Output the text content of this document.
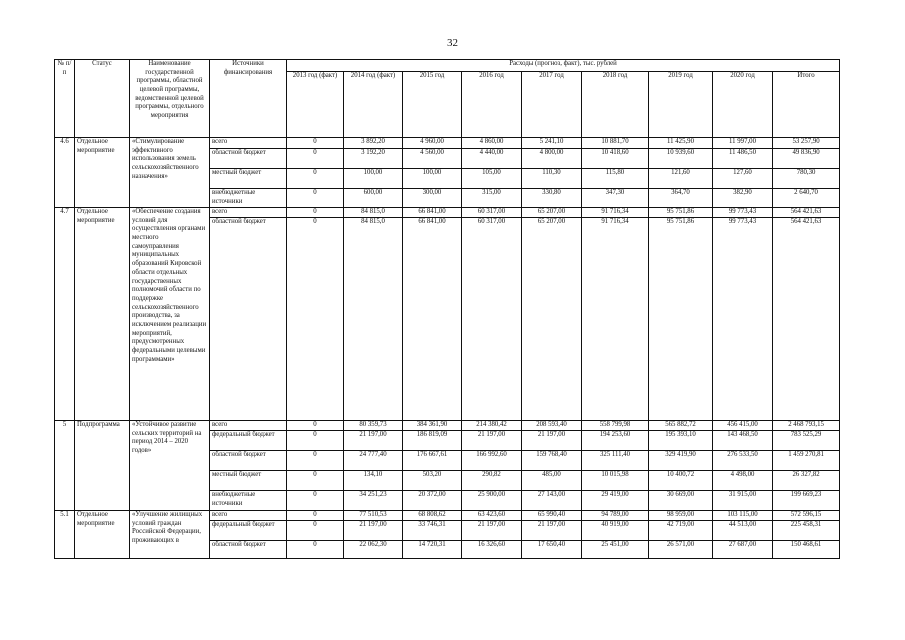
32
№ п/п	Статус	Наименование государственной программы, областной целевой программы, ведомственной целевой программы, отдельного мероприятия	Источники финансирования	Расходы (прогноз, факт), тыс. рублей								
				2013 год (факт)	2014 год (факт)	2015 год	2016 год	2017 год	2018 год	2019 год	2020 год	Итого
4.6	Отдельное мероприятие	«Стимулирование эффективного использования земель сельскохозяйственного назначения»	всего	0	3 892,20	4 960,00	4 860,00	5 241,10	10 881,70	11 425,90	11 997,00	53 257,90
			областной бюджет	0	3 192,20	4 560,00	4 440,00	4 800,00	10 418,60	10 939,60	11 486,50	49 836,90
			местный бюджет	0	100,00	100,00	105,00	110,30	115,80	121,60	127,60	780,30
			внебюджетные источники	0	600,00	300,00	315,00	330,80	347,30	364,70	382,90	2 640,70
4.7	Отдельное мероприятие	«Обеспечение создания условий для осуществления органами местного самоуправления муниципальных образований Кировской области отдельных государственных полномочий области по поддержке сельскохозяйственного производства, за исключением реализации мероприятий, предусмотренных федеральными целевыми программами»	всего	0	84 815,0	66 841,00	60 317,00	65 207,00	91 716,34	95 751,86	99 773,43	564 421,63
			областной бюджет	0	84 815,0	66 841,00	60 317,00	65 207,00	91 716,34	95 751,86	99 773,43	564 421,63
5	Подпрограмма	«Устойчивое развитие сельских территорий на период 2014 – 2020 годов»	всего	0	80 359,73	384 361,90	214 380,42	208 593,40	558 799,98	565 882,72	456 415,00	2 468 793,15
			федеральный бюджет	0	21 197,00	186 819,09	21 197,00	21 197,00	194 253,60	195 393,10	143 468,50	783 525,29
			областной бюджет	0	24 777,40	176 667,61	166 992,60	159 768,40	325 111,40	329 419,90	276 533,50	1 459 270,81
			местный бюджет	0	134,10	503,20	290,82	485,00	10 015,98	10 400,72	4 498,00	26 327,82
			внебюджетные источники	0	34 251,23	20 372,00	25 900,00	27 143,00	29 419,00	30 669,00	31 915,00	199 669,23
5.1	Отдельное мероприятие	«Улучшение жилищных условий граждан Российской Федерации, проживающих в	всего	0	77 510,53	68 808,62	63 423,60	65 990,40	94 789,00	98 959,00	103 115,00	572 596,15
			федеральный бюджет	0	21 197,00	33 746,31	21 197,00	21 197,00	40 919,00	42 719,00	44 513,00	225 458,31
			областной бюджет	0	22 062,30	14 720,31	16 326,60	17 650,40	25 451,00	26 571,00	27 687,00	150 468,61
